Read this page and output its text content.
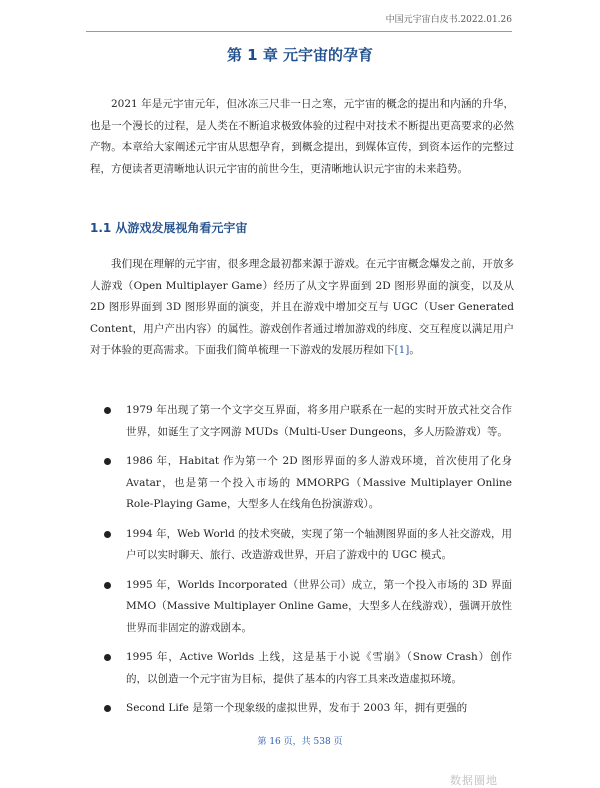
中国元宇宙白皮书.2022.01.26
第 1 章 元宇宙的孕育

2021 年是元宇宙元年，但冰冻三尺非一日之寒，元宇宙的概念的提出和内涵的升华，也是一个漫长的过程，是人类在不断追求极致体验的过程中对技术不断提出更高要求的必然产物。本章给大家阐述元宇宙从思想孕育，到概念提出，到媒体宣传，到资本运作的完整过程，方便读者更清晰地认识元宇宙的前世今生，更清晰地认识元宇宙的未来趋势。

1.1 从游戏发展视角看元宇宙

我们现在理解的元宇宙，很多理念最初都来源于游戏。在元宇宙概念爆发之前，开放多人游戏（Open Multiplayer Game）经历了从文字界面到 2D 图形界面的演变，以及从 2D 图形界面到 3D 图形界面的演变，并且在游戏中增加交互与 UGC（User Generated Content，用户产出内容）的属性。游戏创作者通过增加游戏的纬度、交互程度以满足用户对于体验的更高需求。下面我们简单梳理一下游戏的发展历程如下[1]。

1979 年出现了第一个文字交互界面，将多用户联系在一起的实时开放式社交合作世界，如诞生了文字网游 MUDs（Multi-User Dungeons，多人历险游戏）等。
1986 年，Habitat 作为第一个 2D 图形界面的多人游戏环境，首次使用了化身 Avatar，也是第一个投入市场的 MMORPG（Massive Multiplayer Online Role-Playing Game，大型多人在线角色扮演游戏）。
1994 年，Web World 的技术突破，实现了第一个轴测图界面的多人社交游戏，用户可以实时聊天、旅行、改造游戏世界，开启了游戏中的 UGC 模式。
1995 年，Worlds Incorporated（世界公司）成立，第一个投入市场的 3D 界面 MMO（Massive Multiplayer Online Game，大型多人在线游戏），强调开放性世界而非固定的游戏剧本。
1995 年，Active Worlds 上线，这是基于小说《雪崩》（Snow Crash）创作的，以创造一个元宇宙为目标，提供了基本的内容工具来改造虚拟环境。
Second Life 是第一个现象级的虚拟世界，发布于 2003 年，拥有更强的
第 16 页，共 538 页
数据圈地
